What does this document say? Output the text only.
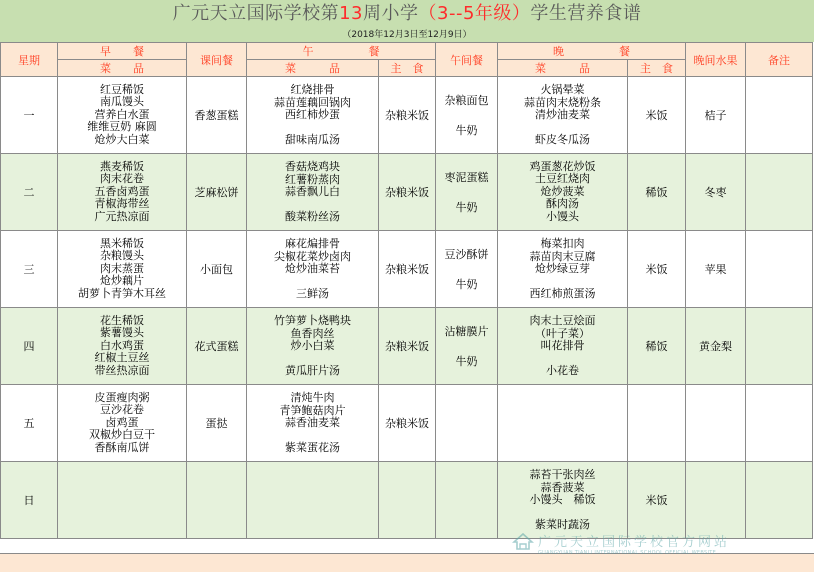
广元天立国际学校第13周小学（3--5年级）学生营养食谱
（2018年12月3日至12月9日）
星期	早　　餐	课间餐	午　　　　　餐		午间餐	晚　　　　　餐		晚间水果	备注
	菜　　品		菜　　　品	主　食		菜　　　品	主　食		
一	红豆稀饭
南瓜馒头
营养白水蛋
维维豆奶 麻圆
炝炒大白菜	香葱蛋糕	红烧排骨
蒜苗莲藕回锅肉
西红柿炒蛋
甜味南瓜汤	杂粮米饭	杂粮面包
牛奶	火锅晕菜
蒜苗肉末烧粉条
清炒油麦菜
虾皮冬瓜汤	米饭	桔子	
二	燕麦稀饭
肉末花卷
五香卤鸡蛋
青椒海带丝
广元热凉面	芝麻松饼	香菇烧鸡块
红薯粉蒸肉
蒜香飘儿白
酸菜粉丝汤	杂粮米饭	枣泥蛋糕
牛奶	鸡蛋葱花炒饭
土豆红烧肉
炝炒菠菜
酥肉汤
小馒头	稀饭	冬枣	
三	黑米稀饭
杂粮馒头
肉末蒸蛋
炝炒藕片
胡萝卜青笋木耳丝	小面包	麻花煸排骨
尖椒花菜炒卤肉
炝炒油菜苔
三鲜汤	杂粮米饭	豆沙酥饼
牛奶	梅菜扣肉
蒜苗肉末豆腐
炝炒绿豆芽
西红柿煎蛋汤	米饭	苹果	
四	花生稀饭
紫薯馒头
白水鸡蛋
红椒土豆丝
带丝热凉面	花式蛋糕	竹笋萝卜烧鸭块
鱼香肉丝
炒小白菜
黄瓜肝片汤	杂粮米饭	沾糖膜片
牛奶	肉末土豆烩面
（叶子菜）
叫花排骨
小花卷	稀饭	黄金梨	
五	皮蛋瘦肉粥
豆沙花卷
卤鸡蛋
双椒炒白豆干
香酥南瓜饼	蛋挞	清炖牛肉
青笋鲍菇肉片
蒜香油麦菜
紫菜蛋花汤	杂粮米饭	

日						蒜苔干张肉丝
蒜香菠菜
小馒头　稀饭
紫菜时蔬汤	米饭		
广元天立国际学校官方网站
GUANGYUAN TIANLI INTERNATIONAL SCHOOL OFFICIAL WEBSITE
